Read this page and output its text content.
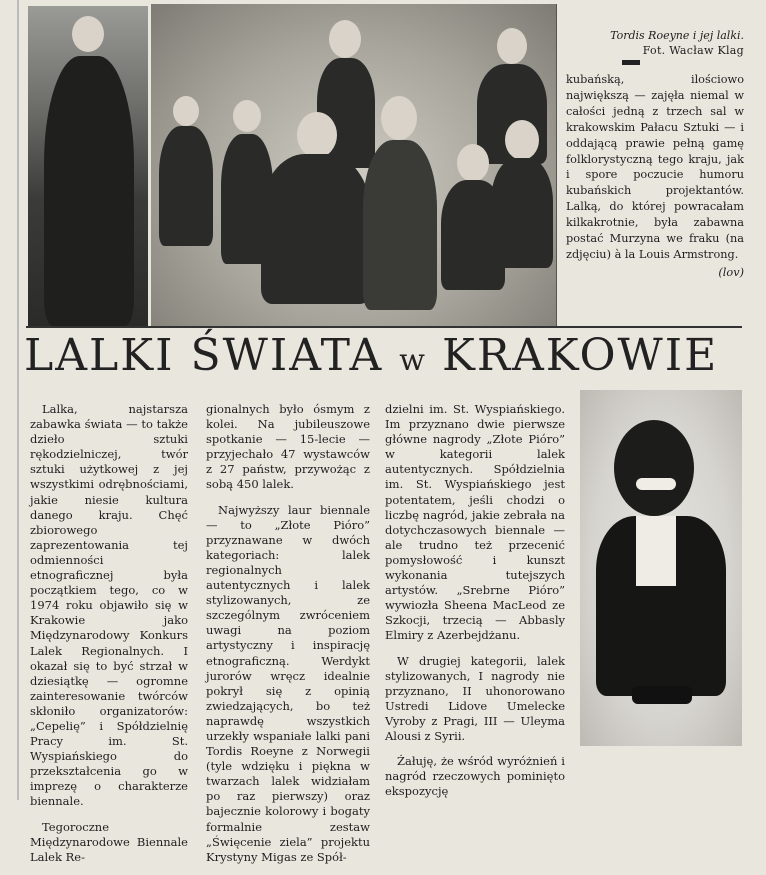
Tordis Roeyne i jej lalki.
Fot. Wacław Klag
kubańską, ilościowo największą — zajęła niemal w całości jedną z trzech sal w krakowskim Pałacu Sztuki — i oddającą prawie pełną gamę folklorystyczną tego kraju, jak i spore poczucie humoru kubańskich projektantów. Lalką, do której powracałam kilkakrotnie, była zabawna postać Murzyna we fraku (na zdjęciu) à la Louis Armstrong.
(lov)
LALKI ŚWIATA w KRAKOWIE

Lalka, najstarsza zabawka świata — to także dzieło sztuki rękodzielniczej, twór sztuki użytkowej z jej wszystkimi odrębnościami, jakie niesie kultura danego kraju. Chęć zbiorowego zaprezentowania tej odmienności etnograficznej była początkiem tego, co w 1974 roku objawiło się w Krakowie jako Międzynarodowy Konkurs Lalek Regionalnych. I okazał się to być strzał w dziesiątkę — ogromne zainteresowanie twórców skłoniło organizatorów: „Cepelię” i Spółdzielnię Pracy im. St. Wyspiańskiego do przekształcenia go w imprezę o charakterze biennale.

Tegoroczne Międzynarodowe Biennale Lalek Re-

gionalnych było ósmym z kolei. Na jubileuszowe spotkanie — 15-lecie — przyjechało 47 wystawców z 27 państw, przywożąc z sobą 450 lalek.

Najwyższy laur biennale — to „Złote Pióro” przyznawane w dwóch kategoriach: lalek regionalnych autentycznych i lalek stylizowanych, ze szczególnym zwróceniem uwagi na poziom artystyczny i inspirację etnograficzną. Werdykt jurorów wręcz idealnie pokrył się z opinią zwiedzających, bo też naprawdę wszystkich urzekły wspaniałe lalki pani Tordis Roeyne z Norwegii (tyle wdzięku i piękna w twarzach lalek widziałam po raz pierwszy) oraz bajecznie kolorowy i bogaty formalnie zestaw „Święcenie ziela” projektu Krystyny Migas ze Spół-

dzielni im. St. Wyspiańskiego. Im przyznano dwie pierwsze główne nagrody „Złote Pióro” w kategorii lalek autentycznych. Spółdzielnia im. St. Wyspiańskiego jest potentatem, jeśli chodzi o liczbę nagród, jakie zebrała na dotychczasowych biennale — ale trudno też przecenić pomysłowość i kunszt wykonania tutejszych artystów. „Srebrne Pióro” wywiozła Sheena MacLeod ze Szkocji, trzecią — Abbasly Elmiry z Azerbejdżanu.

W drugiej kategorii, lalek stylizowanych, I nagrody nie przyznano, II uhonorowano Ustredi Lidove Umelecke Vyroby z Pragi, III — Uleyma Alousi z Syrii.

Żałuję, że wśród wyróżnień i nagród rzeczowych pominięto ekspozycję
